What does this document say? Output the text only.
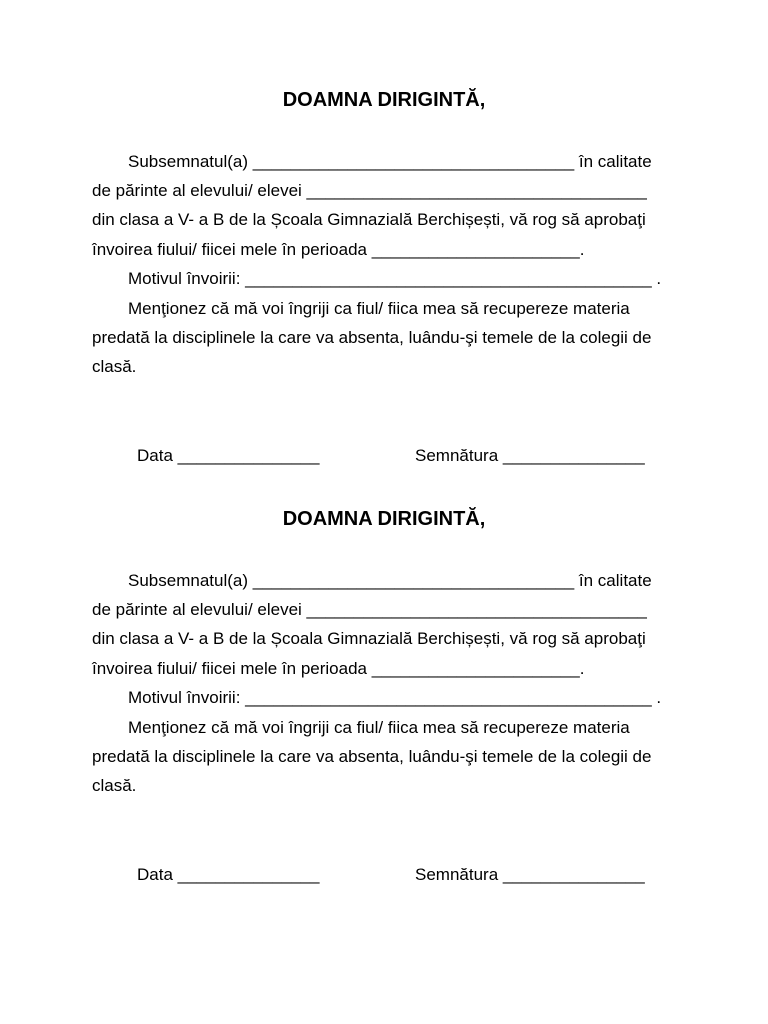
DOAMNA DIRIGINTĂ,
Subsemnatul(a) __________________________________ în calitate
de părinte al elevului/ elevei ____________________________________
din clasa a V- a B de la Școala Gimnazială Berchișești, vă rog să aprobaţi
învoirea fiului/ fiicei mele în perioada ______________________.
Motivul învoirii: ___________________________________________ .
Menţionez că mă voi îngriji ca fiul/ fiica mea să recupereze materia
predată la disciplinele la care va absenta, luându-şi temele de la colegii de
clasă.
Data _______________	Semnătura _______________
DOAMNA DIRIGINTĂ,
Subsemnatul(a) __________________________________ în calitate
de părinte al elevului/ elevei ____________________________________
din clasa a V- a B de la Școala Gimnazială Berchișești, vă rog să aprobaţi
învoirea fiului/ fiicei mele în perioada ______________________.
Motivul învoirii: ___________________________________________ .
Menţionez că mă voi îngriji ca fiul/ fiica mea să recupereze materia
predată la disciplinele la care va absenta, luându-şi temele de la colegii de
clasă.
Data _______________	Semnătura _______________
